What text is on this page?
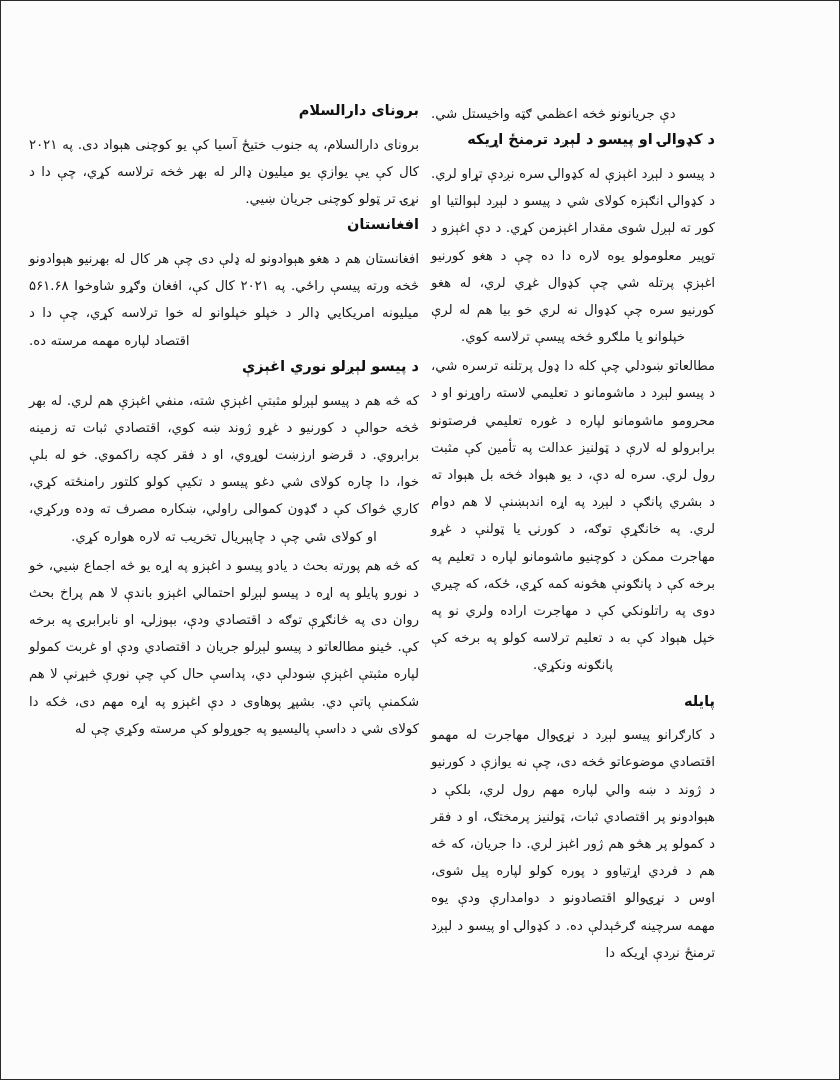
برونای دارالسلام

برونای دارالسلام، په جنوب ختيځ آسيا کې يو کوچنی هېواد دی. په ۲۰۲۱ کال کې يې يوازې يو ميليون ډالر له بهر څخه ترلاسه کړي، چې دا د نړۍ تر ټولو کوچنی جريان ښيي.

افغانستان

افغانستان هم د هغو هېوادونو له ډلې دی چې هر کال له بهرنيو هېوادونو څخه ورته پيسې راځي. په ۲۰۲۱ کال کې، افغان وګړو شاوخوا ۵۶۱.۶۸ ميليونه امريکايي ډالر د خپلو خپلوانو له خوا ترلاسه کړي، چې دا د اقتصاد لپاره مهمه مرسته ده.

د پیسو لېږلو نوري اغېزې

که څه هم د پیسو لېږلو مثبتې اغېزې شته، منفي اغېزې هم لري. له بهر څخه حوالې د کورنيو د غړو ژوند ښه کوي، اقتصادي ثبات ته زمينه برابروي. د قرضو ارزښت لوړوي، او د فقر کچه راکموي. خو له بلې خوا، دا چاره کولای شي دغو پیسو د تکيې کولو کلتور رامنځته کړي، کاري څواک کې د ګډون کموالی راولي، ښکاره مصرف ته وده وركړي، او کولای شي چې د چاپېريال تخريب ته لاره هواره کړي.

که څه هم پورته بحث د يادو پیسو د اغېزو په اړه يو څه اجماع ښيي، خو د نورو پايلو په اړه د پیسو لېږلو احتمالي اغېزو باندې لا هم پراخ بحث روان دی په څانګړې توګه د اقتصادي ودې، بېوزلۍ، او نابرابرۍ په برخه کې. ځينو مطالعاتو د پیسو لېږلو جريان د اقتصادي ودې او غربت کمولو لپاره مثبتې اغېزې ښودلې دي، پداسې حال کې چې نورې څېړنې لا هم شکمنې پاتې دي. بشپړ پوهاوی د دې اغېزو په اړه مهم دی، څکه دا کولای شي د داسې پاليسيو په جوړولو کې مرسته وکړي چې له

دې جريانونو څخه اعظمي ګټه واخيستل شي.

د کډوالۍ او پیسو د لېږد ترمنځ اړیکه

د پیسو د لېږد اغېزې له کډوالۍ سره نږدې تړاو لري. د کډوالۍ انګېزه کولای شي د پیسو د لېږد لېوالتيا او کور ته لېږل شوی مقدار اغېزمن کړي. د دې اغېزو د توپير معلومولو يوه لاره دا ده چې د هغو کورنيو اغېزې پرتله شي چې کډوال غړي لري، له هغو کورنيو سره چې کډوال نه لري خو بيا هم له لرې خپلوانو يا ملګرو څخه پيسې ترلاسه کوي.

مطالعاتو ښودلي چې کله دا ډول پرتلنه ترسره شي، د پیسو لېږد د ماشومانو د تعليمي لاسته راوړنو او د محرومو ماشومانو لپاره د غوره تعليمي فرصتونو برابرولو له لارې د ټولنيز عدالت په تأمين کې مثبت رول لري. سره له دې، د يو هېواد څخه بل هېواد ته د بشري پانګې د لېږد په اړه اندېښنې لا هم دوام لري. په خانګړې توګه، د کورنۍ يا ټولنې د غړو مهاجرت ممکن د کوچنيو ماشومانو لپاره د تعليم په برخه کې د پانګونې هڅونه کمه کړي، ځکه، که چيري دوی په راتلونکي کې د مهاجرت اراده ولري نو په خپل هېواد کې به د تعليم ترلاسه کولو په برخه کې پانګونه ونکړي.

پایله

د کارګرانو پیسو لېږد د نړۍوال مهاجرت له مهمو اقتصادي موضوعاتو څخه دی، چې نه يوازې د کورنيو د ژوند د ښه والي لپاره مهم رول لري، بلکې د هېوادونو پر اقتصادي ثبات، ټولنيز پرمختګ، او د فقر د کمولو پر هڅو هم ژور اغېز لري. دا جريان، که څه هم د فردي اړتياوو د پوره کولو لپاره پيل شوی، اوس د نړۍوالو اقتصادونو د دوامدارې ودې يوه مهمه سرچينه ګرځېدلې ده. د کډوالۍ او پیسو د لېږد ترمنځ نږدې اړیکه دا
